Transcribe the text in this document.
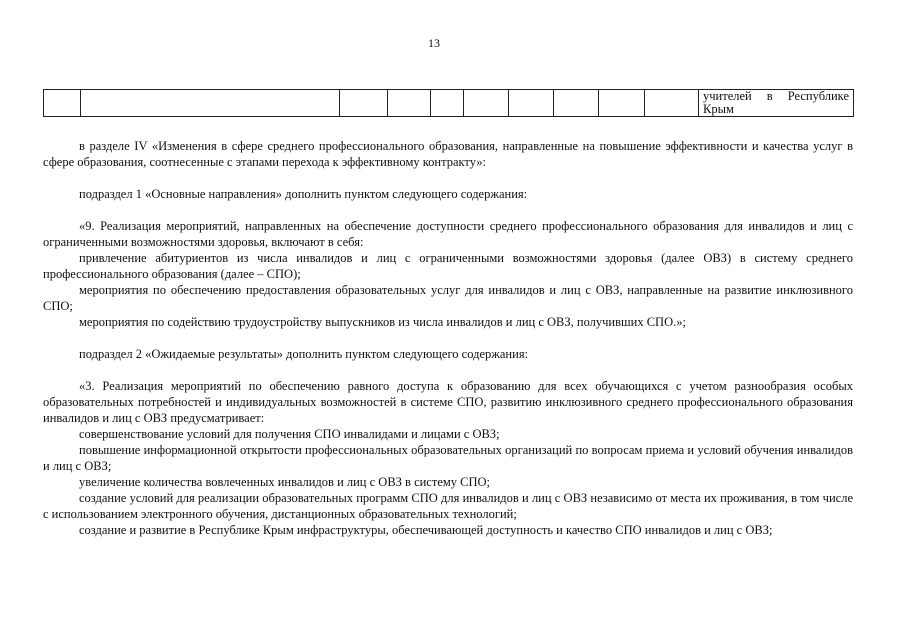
13
										учителей в Республике Крым

в разделе IV «Изменения в сфере среднего профессионального образования, направленные на повышение эффективности и качества услуг в сфере образования, соотнесенные с этапами перехода к эффективному контракту»:

подраздел 1 «Основные направления» дополнить пунктом следующего содержания:

«9. Реализация мероприятий, направленных на обеспечение доступности среднего профессионального образования для инвалидов и лиц с ограниченными возможностями здоровья, включают в себя:

привлечение абитуриентов из числа инвалидов и лиц с ограниченными возможностями здоровья (далее ОВЗ) в систему среднего профессионального образования (далее – СПО);

мероприятия по обеспечению предоставления образовательных услуг для инвалидов и лиц с ОВЗ, направленные на развитие инклюзивного СПО;

мероприятия по содействию трудоустройству выпускников из числа инвалидов и лиц с ОВЗ, получивших СПО.»;

подраздел 2 «Ожидаемые результаты» дополнить пунктом следующего содержания:

«3. Реализация мероприятий по обеспечению равного доступа к образованию для всех обучающихся с учетом разнообразия особых образовательных потребностей и индивидуальных возможностей в системе СПО, развитию инклюзивного среднего профессионального образования инвалидов и лиц с ОВЗ предусматривает:

совершенствование условий для получения СПО инвалидами и лицами с ОВЗ;

повышение информационной открытости профессиональных образовательных организаций по вопросам приема и условий обучения инвалидов и лиц с ОВЗ;

увеличение количества вовлеченных инвалидов и лиц с ОВЗ в систему СПО;

создание условий для реализации образовательных программ СПО для инвалидов и лиц с ОВЗ независимо от места их проживания, в том числе с использованием электронного обучения, дистанционных образовательных технологий;

создание и развитие в Республике Крым инфраструктуры, обеспечивающей доступность и качество СПО инвалидов и лиц с ОВЗ;
